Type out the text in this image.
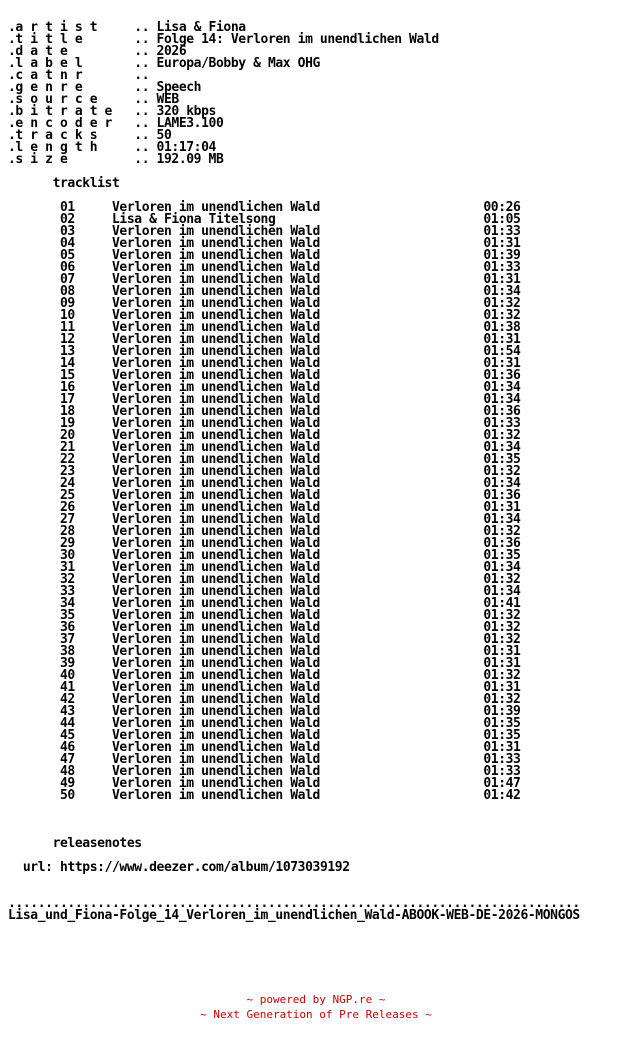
.a r t i s t     .. Lisa & Fiona
.t i t l e       .. Folge 14: Verloren im unendlichen Wald
.d a t e         .. 2026
.l a b e l       .. Europa/Bobby & Max OHG
.c a t n r       ..
.g e n r e       .. Speech
.s o u r c e     .. WEB
.b i t r a t e   .. 320 kbps
.e n c o d e r   .. LAME3.100
.t r a c k s     .. 50
.l e n g t h     .. 01:17:04
.s i z e         .. 192.09 MB

tracklist

01     Verloren im unendlichen Wald                      00:26
02     Lisa & Fiona Titelsong                            01:05
03     Verloren im unendlichen Wald                      01:33
04     Verloren im unendlichen Wald                      01:31
05     Verloren im unendlichen Wald                      01:39
06     Verloren im unendlichen Wald                      01:33
07     Verloren im unendlichen Wald                      01:31
08     Verloren im unendlichen Wald                      01:34
09     Verloren im unendlichen Wald                      01:32
10     Verloren im unendlichen Wald                      01:32
11     Verloren im unendlichen Wald                      01:38
12     Verloren im unendlichen Wald                      01:31
13     Verloren im unendlichen Wald                      01:54
14     Verloren im unendlichen Wald                      01:31
15     Verloren im unendlichen Wald                      01:36
16     Verloren im unendlichen Wald                      01:34
17     Verloren im unendlichen Wald                      01:34
18     Verloren im unendlichen Wald                      01:36
19     Verloren im unendlichen Wald                      01:33
20     Verloren im unendlichen Wald                      01:32
21     Verloren im unendlichen Wald                      01:34
22     Verloren im unendlichen Wald                      01:35
23     Verloren im unendlichen Wald                      01:32
24     Verloren im unendlichen Wald                      01:34
25     Verloren im unendlichen Wald                      01:36
26     Verloren im unendlichen Wald                      01:31
27     Verloren im unendlichen Wald                      01:34
28     Verloren im unendlichen Wald                      01:32
29     Verloren im unendlichen Wald                      01:36
30     Verloren im unendlichen Wald                      01:35
31     Verloren im unendlichen Wald                      01:34
32     Verloren im unendlichen Wald                      01:32
33     Verloren im unendlichen Wald                      01:34
34     Verloren im unendlichen Wald                      01:41
35     Verloren im unendlichen Wald                      01:32
36     Verloren im unendlichen Wald                      01:32
37     Verloren im unendlichen Wald                      01:32
38     Verloren im unendlichen Wald                      01:31
39     Verloren im unendlichen Wald                      01:31
40     Verloren im unendlichen Wald                      01:32
41     Verloren im unendlichen Wald                      01:31
42     Verloren im unendlichen Wald                      01:32
43     Verloren im unendlichen Wald                      01:39
44     Verloren im unendlichen Wald                      01:35
45     Verloren im unendlichen Wald                      01:35
46     Verloren im unendlichen Wald                      01:31
47     Verloren im unendlichen Wald                      01:33
48     Verloren im unendlichen Wald                      01:33
49     Verloren im unendlichen Wald                      01:47
50     Verloren im unendlichen Wald                      01:42

releasenotes

url: https://www.deezer.com/album/1073039192

.............................................................................
Lisa_und_Fiona-Folge_14_Verloren_im_unendlichen_Wald-ABOOK-WEB-DE-2026-MONGOS
~ powered by NGP.re ~
~ Next Generation of Pre Releases ~
